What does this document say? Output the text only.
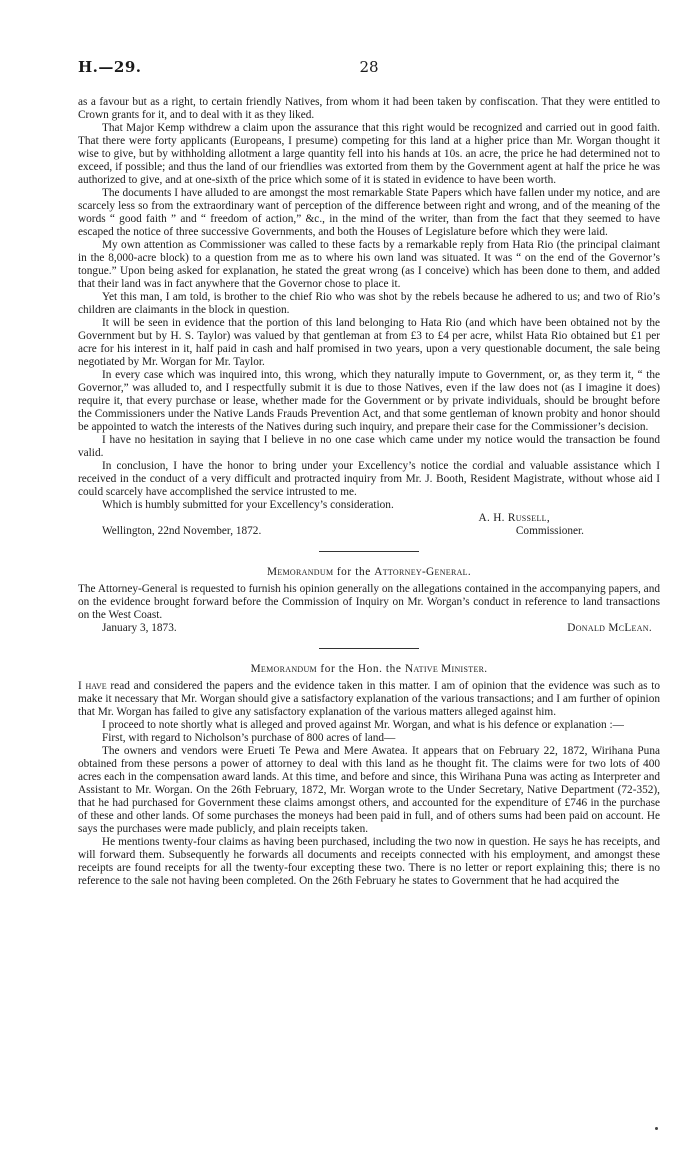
H.—29.	28

as a favour but as a right, to certain friendly Natives, from whom it had been taken by confiscation. That they were entitled to Crown grants for it, and to deal with it as they liked.

That Major Kemp withdrew a claim upon the assurance that this right would be recognized and carried out in good faith. That there were forty applicants (Europeans, I presume) competing for this land at a higher price than Mr. Worgan thought it wise to give, but by withholding allotment a large quantity fell into his hands at 10s. an acre, the price he had determined not to exceed, if possible; and thus the land of our friendlies was extorted from them by the Government agent at half the price he was authorized to give, and at one-sixth of the price which some of it is stated in evidence to have been worth.

The documents I have alluded to are amongst the most remarkable State Papers which have fallen under my notice, and are scarcely less so from the extraordinary want of perception of the difference between right and wrong, and of the meaning of the words “ good faith ” and “ freedom of action,” &c., in the mind of the writer, than from the fact that they seemed to have escaped the notice of three successive Governments, and both the Houses of Legislature before which they were laid.

My own attention as Commissioner was called to these facts by a remarkable reply from Hata Rio (the principal claimant in the 8,000-acre block) to a question from me as to where his own land was situated. It was “ on the end of the Governor’s tongue.” Upon being asked for explanation, he stated the great wrong (as I conceive) which has been done to them, and added that their land was in fact anywhere that the Governor chose to place it.

Yet this man, I am told, is brother to the chief Rio who was shot by the rebels because he adhered to us; and two of Rio’s children are claimants in the block in question.

It will be seen in evidence that the portion of this land belonging to Hata Rio (and which have been obtained not by the Government but by H. S. Taylor) was valued by that gentleman at from £3 to £4 per acre, whilst Hata Rio obtained but £1 per acre for his interest in it, half paid in cash and half promised in two years, upon a very questionable document, the sale being negotiated by Mr. Worgan for Mr. Taylor.

In every case which was inquired into, this wrong, which they naturally impute to Government, or, as they term it, “ the Governor,” was alluded to, and I respectfully submit it is due to those Natives, even if the law does not (as I imagine it does) require it, that every purchase or lease, whether made for the Government or by private individuals, should be brought before the Commissioners under the Native Lands Frauds Prevention Act, and that some gentleman of known probity and honor should be appointed to watch the interests of the Natives during such inquiry, and prepare their case for the Commissioner’s decision.

I have no hesitation in saying that I believe in no one case which came under my notice would the transaction be found valid.

In conclusion, I have the honor to bring under your Excellency’s notice the cordial and valuable assistance which I received in the conduct of a very difficult and protracted inquiry from Mr. J. Booth, Resident Magistrate, without whose aid I could scarcely have accomplished the service intrusted to me.

Which is humbly submitted for your Excellency’s consideration.

A. H. Russell,
Wellington, 22nd November, 1872.	Commissioner.
Memorandum for the Attorney-General.

The Attorney-General is requested to furnish his opinion generally on the allegations contained in the accompanying papers, and on the evidence brought forward before the Commission of Inquiry on Mr. Worgan’s conduct in reference to land transactions on the West Coast.

January 3, 1873.	Donald McLean.
Memorandum for the Hon. the Native Minister.

I have read and considered the papers and the evidence taken in this matter. I am of opinion that the evidence was such as to make it necessary that Mr. Worgan should give a satisfactory explanation of the various transactions; and I am further of opinion that Mr. Worgan has failed to give any satisfactory explanation of the various matters alleged against him.

I proceed to note shortly what is alleged and proved against Mr. Worgan, and what is his defence or explanation :—

First, with regard to Nicholson’s purchase of 800 acres of land—

The owners and vendors were Erueti Te Pewa and Mere Awatea. It appears that on February 22, 1872, Wirihana Puna obtained from these persons a power of attorney to deal with this land as he thought fit. The claims were for two lots of 400 acres each in the compensation award lands. At this time, and before and since, this Wirihana Puna was acting as Interpreter and Assistant to Mr. Worgan. On the 26th February, 1872, Mr. Worgan wrote to the Under Secretary, Native Department (72-352), that he had purchased for Government these claims amongst others, and accounted for the expenditure of £746 in the purchase of these and other lands. Of some purchases the moneys had been paid in full, and of others sums had been paid on account. He says the purchases were made publicly, and plain receipts taken.

He mentions twenty-four claims as having been purchased, including the two now in question. He says he has receipts, and will forward them. Subsequently he forwards all documents and receipts connected with his employment, and amongst these receipts are found receipts for all the twenty-four excepting these two. There is no letter or report explaining this; there is no reference to the sale not having been completed. On the 26th February he states to Government that he had acquired the
